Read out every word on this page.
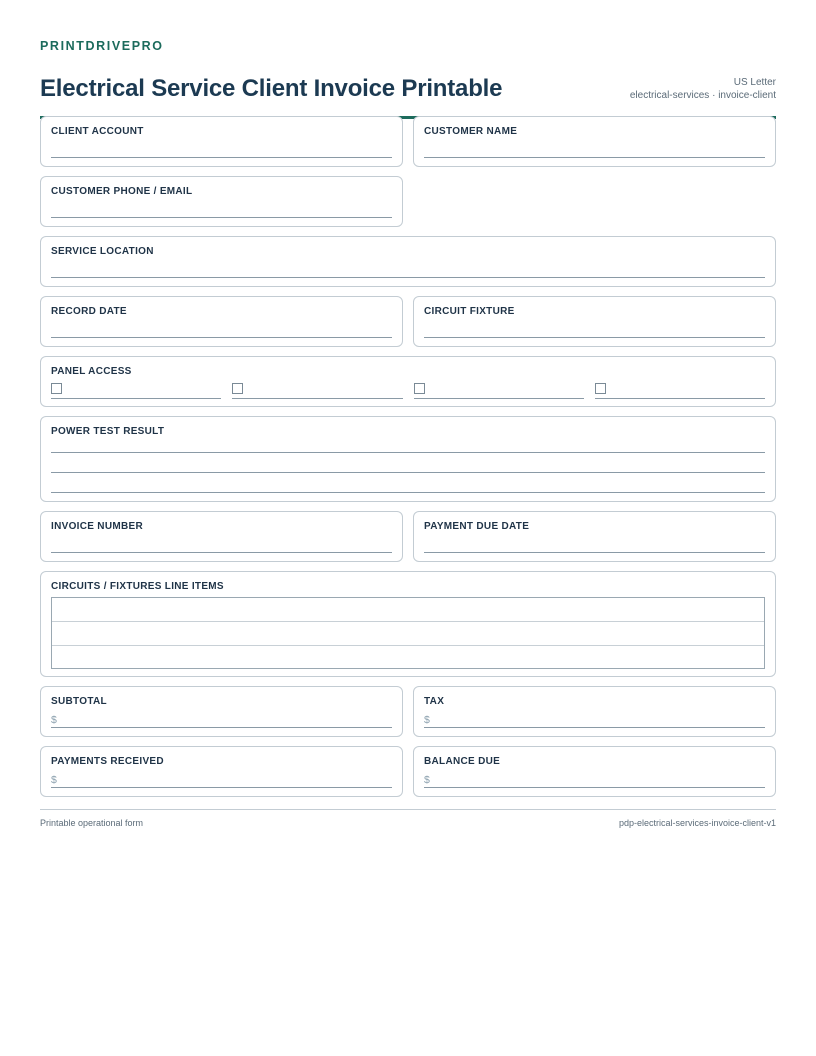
PRINTDRIVEPRO
Electrical Service Client Invoice Printable	US Letter
electrical-services · invoice-client
CLIENT ACCOUNT	CUSTOMER NAME
CUSTOMER PHONE / EMAIL
SERVICE LOCATION
RECORD DATE	CIRCUIT FIXTURE
PANEL ACCESS
POWER TEST RESULT
INVOICE NUMBER	PAYMENT DUE DATE
CIRCUITS / FIXTURES LINE ITEMS
SUBTOTAL
$
TAX
$
PAYMENTS RECEIVED
$
BALANCE DUE
$
Printable operational form	pdp-electrical-services-invoice-client-v1
